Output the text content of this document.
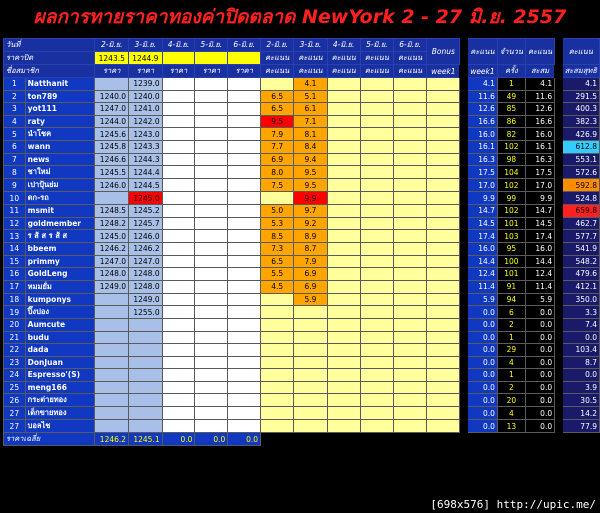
ผลการทายราคาทองค่าปิดตลาด NewYork 2 - 27 มิ.ย. 2557
วันที่		2-มิ.ย.	3-มิ.ย.	4-มิ.ย.	5-มิ.ย.	6-มิ.ย.	2-มิ.ย.	3-มิ.ย.	4-มิ.ย.	5-มิ.ย.	6-มิ.ย.	Bonus		คะแนน	จำนวน	คะแนน		คะแนน
ราคาปิด		1243.5	1244.9				คะแนน	คะแนน	คะแนน	คะแนน	คะแนน							
ชื่อสมาชิก		ราคา	ราคา	ราคา	ราคา	ราคา	คะแนน	คะแนน	คะแนน	คะแนน	คะแนน	week1		week1	ครั้ง	สะสม		สะสมสุทธิ
1	Natthanit		1239.0					4.1						4.1	1	4.1		4.1
2	ton789	1240.0	1240.0				6.5	5.1						11.6	49	11.6		291.5
3	yot111	1247.0	1241.0				6.5	6.1						12.6	85	12.6		400.3
4	raty	1244.0	1242.0				9.5	7.1						16.6	86	16.6		382.3
5	นำโชค	1245.6	1243.0				7.9	8.1						16.0	82	16.0		426.9
6	wann	1245.8	1243.3				7.7	8.4						16.1	102	16.1		612.8
7	news	1246.6	1244.3				6.9	9.4						16.3	98	16.3		553.1
8	ชาใหม่	1245.5	1244.4				8.0	9.5						17.5	104	17.5		572.6
9	เปาปุ้นย่ม	1246.0	1244.5				7.5	9.5						17.0	102	17.0		592.8
10	ตก-รถ		1245.0					9.9						9.9	99	9.9		524.8
11	msmit	1248.5	1245.2				5.0	9.7						14.7	102	14.7		659.8
12	goldmember	1248.2	1245.7				5.3	9.2						14.5	101	14.5		462.7
13	ร ส้ ส ร ส้ ส	1245.0	1246.0				8.5	8.9						17.4	103	17.4		577.7
14	bbeem	1246.2	1246.2				7.3	8.7						16.0	95	16.0		541.9
15	primmy	1247.0	1247.0				6.5	7.9						14.4	100	14.4		548.2
16	GoldLeng	1248.0	1248.0				5.5	6.9						12.4	101	12.4		479.6
17	หมมยั่ม	1249.0	1248.0				4.5	6.9						11.4	91	11.4		412.1
18	kumponys		1249.0					5.9						5.9	94	5.9		350.0
19	ปิ๊งปอง		1255.0											0.0	6	0.0		3.3
20	Aumcute													0.0	2	0.0		7.4
21	budu													0.0	1	0.0		0.0
22	dada													0.0	29	0.0		103.4
23	DonJuan													0.0	4	0.0		8.7
24	Espresso'(S)													0.0	1	0.0		0.0
25	meng166													0.0	2	0.0		3.9
26	กระต่ายทอง													0.0	20	0.0		30.5
27	เด็กขายทอง													0.0	4	0.0		14.2
27	บอลไช													0.0	13	0.0		77.9
ราคาเฉลี่ย		1246.2	1245.1	0.0	0.0	0.0												
[698x576] http://upic.me/
